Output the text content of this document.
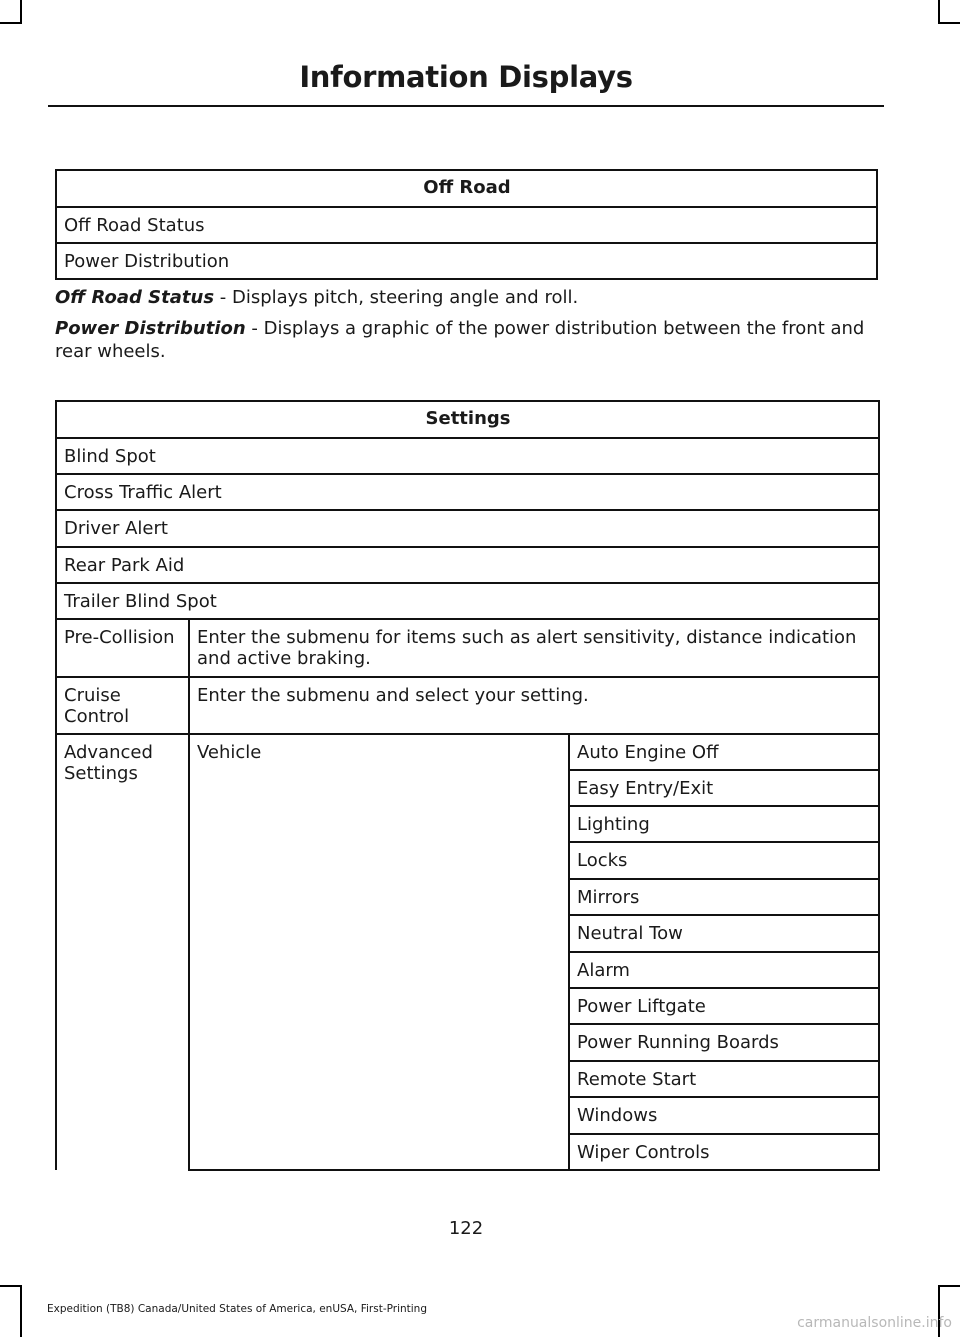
Information Displays
Off Road
Off Road Status
Power Distribution
Off Road Status - Displays pitch, steering angle and roll.
Power Distribution - Displays a graphic of the power distribution between the front and rear wheels.
Settings		
Blind Spot		
Cross Traffic Alert		
Driver Alert		
Rear Park Aid		
Trailer Blind Spot		
Pre-Collision	Enter the submenu for items such as alert sensitivity, distance indication and active braking.	
Cruise Control	Enter the submenu and select your setting.	
Advanced Settings	Vehicle	Auto Engine Off
		Easy Entry/Exit
		Lighting
		Locks
		Mirrors
		Neutral Tow
		Alarm
		Power Liftgate
		Power Running Boards
		Remote Start
		Windows
		Wiper Controls
122
Expedition (TB8) Canada/United States of America, enUSA, First-Printing
carmanualsonline.info
